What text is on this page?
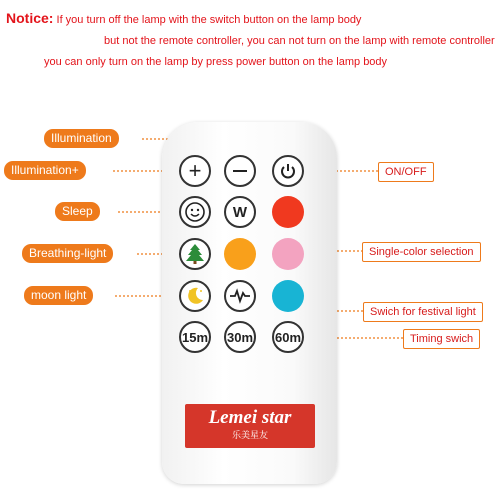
Notice: If you turn off the lamp with the switch button on the lamp body
but not the remote controller, you can not turn on the lamp with remote controller
you can only turn on the lamp by press power button on the lamp body
+
W
15m 30m 60m
Lemei star
乐美星友
Illumination
Illumination+
Sleep
Breathing-light
moon light
ON/OFF
Single-color selection
Swich for festival light
Timing swich
